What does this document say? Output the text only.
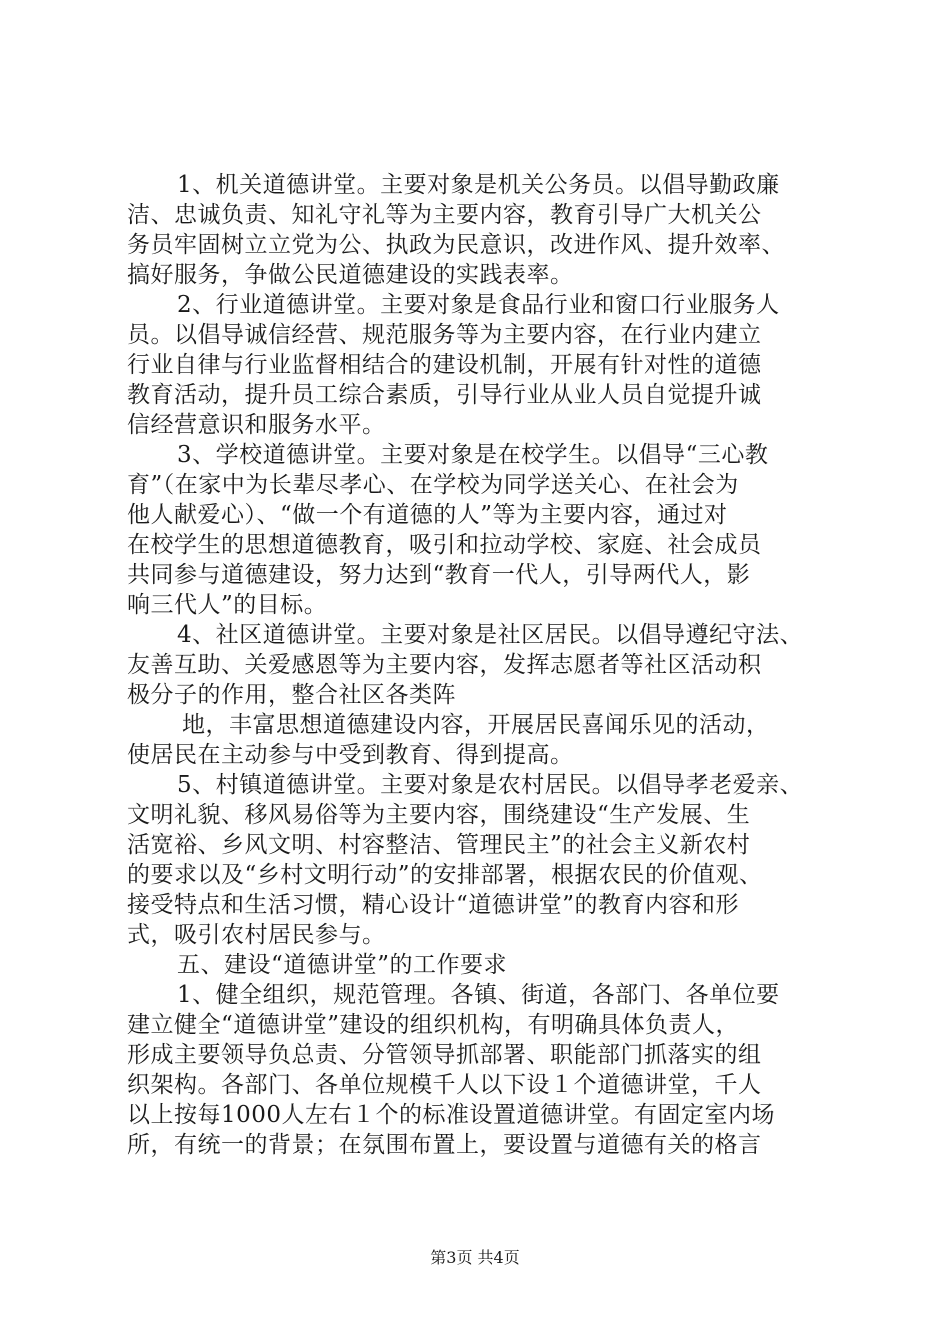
1、机关道德讲堂。主要对象是机关公务员。以倡导勤政廉
洁、忠诚负责、知礼守礼等为主要内容，教育引导广大机关公
务员牢固树立立党为公、执政为民意识，改进作风、提升效率、
搞好服务，争做公民道德建设的实践表率。
2、行业道德讲堂。主要对象是食品行业和窗口行业服务人
员。以倡导诚信经营、规范服务等为主要内容，在行业内建立
行业自律与行业监督相结合的建设机制，开展有针对性的道德
教育活动，提升员工综合素质，引导行业从业人员自觉提升诚
信经营意识和服务水平。
3、学校道德讲堂。主要对象是在校学生。以倡导“三心教
育”（在家中为长辈尽孝心、在学校为同学送关心、在社会为
他人献爱心）、“做一个有道德的人”等为主要内容，通过对
在校学生的思想道德教育，吸引和拉动学校、家庭、社会成员
共同参与道德建设，努力达到“教育一代人，引导两代人，影
响三代人”的目标。
4、社区道德讲堂。主要对象是社区居民。以倡导遵纪守法、
友善互助、关爱感恩等为主要内容，发挥志愿者等社区活动积
极分子的作用，整合社区各类阵
地，丰富思想道德建设内容，开展居民喜闻乐见的活动，
使居民在主动参与中受到教育、得到提高。
5、村镇道德讲堂。主要对象是农村居民。以倡导孝老爱亲、
文明礼貌、移风易俗等为主要内容，围绕建设“生产发展、生
活宽裕、乡风文明、村容整洁、管理民主”的社会主义新农村
的要求以及“乡村文明行动”的安排部署，根据农民的价值观、
接受特点和生活习惯，精心设计“道德讲堂”的教育内容和形
式，吸引农村居民参与。
五、建设“道德讲堂”的工作要求
1、健全组织，规范管理。各镇、街道，各部门、各单位要
建立健全“道德讲堂”建设的组织机构，有明确具体负责人，
形成主要领导负总责、分管领导抓部署、职能部门抓落实的组
织架构。各部门、各单位规模千人以下设１个道德讲堂，千人
以上按每1000人左右１个的标准设置道德讲堂。有固定室内场
所，有统一的背景；在氛围布置上，要设置与道德有关的格言
第3页 共4页
